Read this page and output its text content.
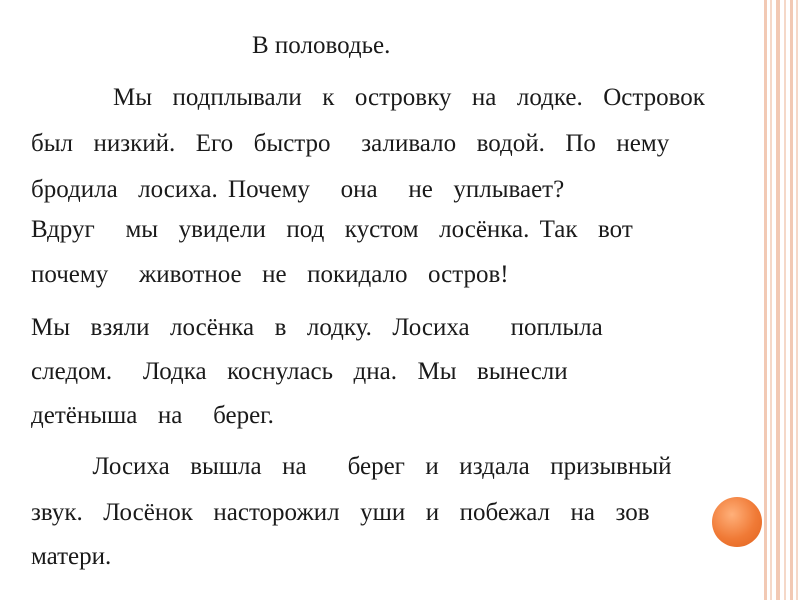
В половодье.
Мы  подплывали  к  островку  на  лодке.  Островок
был  низкий.  Его  быстро   заливало  водой.  По  нему
бродила  лосиха. Почему   она   не  уплывает?
Вдруг   мы  увидели  под  кустом  лосёнка. Так  вот
почему   животное  не  покидало  остров!
Мы  взяли  лосёнка  в  лодку.  Лосиха    поплыла
следом.   Лодка  коснулась  дна.  Мы  вынесли
детёныша  на   берег.
Лосиха  вышла  на    берег  и  издала  призывный
звук.  Лосёнок  насторожил  уши  и  побежал  на  зов
матери.
